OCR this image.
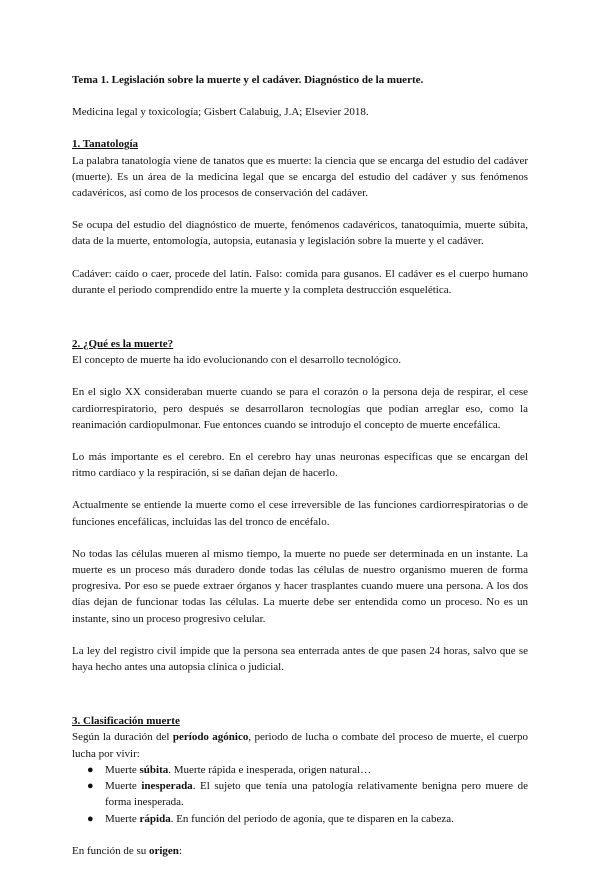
Tema 1. Legislación sobre la muerte y el cadáver. Diagnóstico de la muerte.
Medicina legal y toxicología; Gisbert Calabuig, J.A; Elsevier 2018.
1. Tanatología

La palabra tanatología viene de tanatos que es muerte: la ciencia que se encarga del estudio del cadáver (muerte). Es un área de la medicina legal que se encarga del estudio del cadáver y sus fenómenos cadavéricos, así como de los procesos de conservación del cadáver.

Se ocupa del estudio del diagnóstico de muerte, fenómenos cadavéricos, tanatoquimia, muerte súbita, data de la muerte, entomología, autopsia, eutanasia y legislación sobre la muerte y el cadáver.

Cadáver: caído o caer, procede del latín. Falso: comida para gusanos. El cadáver es el cuerpo humano durante el periodo comprendido entre la muerte y la completa destrucción esquelética.

2. ¿Qué es la muerte?

El concepto de muerte ha ido evolucionando con el desarrollo tecnológico.

En el siglo XX consideraban muerte cuando se para el corazón o la persona deja de respirar, el cese cardiorrespiratorio, pero después se desarrollaron tecnologías que podían arreglar eso, como la reanimación cardiopulmonar. Fue entonces cuando se introdujo el concepto de muerte encefálica.

Lo más importante es el cerebro. En el cerebro hay unas neuronas específicas que se encargan del ritmo cardíaco y la respiración, si se dañan dejan de hacerlo.

Actualmente se entiende la muerte como el cese irreversible de las funciones cardiorrespiratorias o de funciones encefálicas, incluidas las del tronco de encéfalo.

No todas las células mueren al mismo tiempo, la muerte no puede ser determinada en un instante. La muerte es un proceso más duradero donde todas las células de nuestro organismo mueren de forma progresiva. Por eso se puede extraer órganos y hacer trasplantes cuando muere una persona. A los dos días dejan de funcionar todas las células. La muerte debe ser entendida como un proceso. No es un instante, sino un proceso progresivo celular.

La ley del registro civil impide que la persona sea enterrada antes de que pasen 24 horas, salvo que se haya hecho antes una autopsia clínica o judicial.

3. Clasificación muerte

Según la duración del período agónico, periodo de lucha o combate del proceso de muerte, el cuerpo lucha por vivir:

● Muerte súbita. Muerte rápida e inesperada, origen natural…
● Muerte inesperada. El sujeto que tenía una patología relativamente benigna pero muere de forma inesperada.
● Muerte rápida. En función del periodo de agonía, que te disparen en la cabeza.

En función de su origen:
